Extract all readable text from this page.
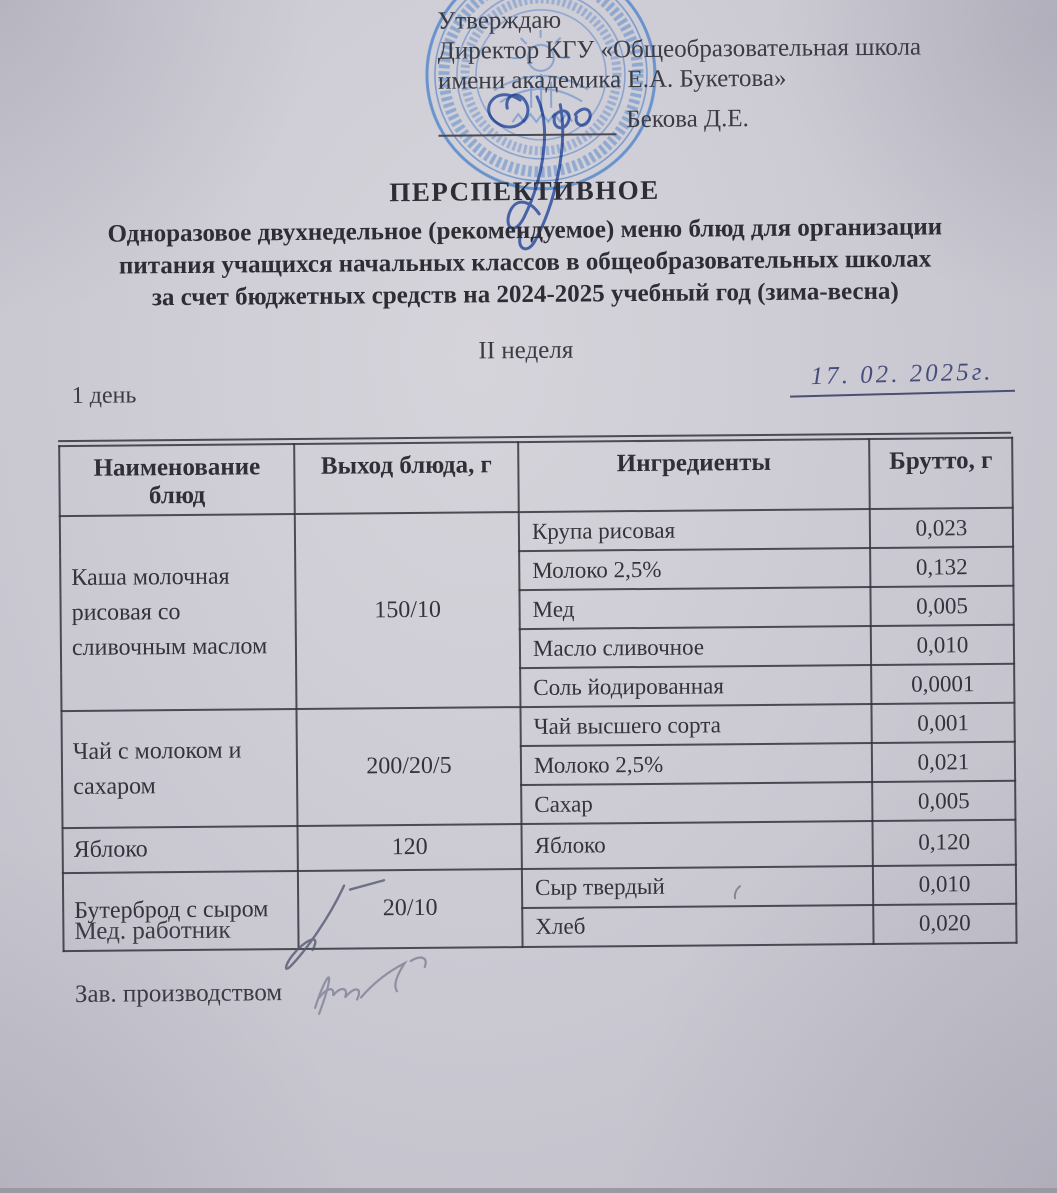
Утверждаю
Директор КГУ «Общеобразовательная школа
имени академика Е.А. Букетова»
Бекова Д.Е.
ПЕРСПЕКТИВНОЕ
Одноразовое двухнедельное (рекомендуемое) меню блюд для организации
питания учащихся начальных классов в общеобразовательных школах
за счет бюджетных средств на 2024-2025 учебный год (зима-весна)
II неделя
1 день
17. 02. 2025г.
Наименование блюд	Выход блюда, г	Ингредиенты	Брутто, г
Каша молочная рисовая со сливочным маслом	150/10	Крупа рисовая	0,023
		Молоко 2,5%	0,132
		Мед	0,005
		Масло сливочное	0,010
		Соль йодированная	0,0001
Чай с молоком и сахаром	200/20/5	Чай высшего сорта	0,001
		Молоко 2,5%	0,021
		Сахар	0,005
Яблоко	120	Яблоко	0,120
Бутерброд с сыром	20/10	Сыр твердый	0,010
		Хлеб	0,020
Мед. работник
Зав. производством
